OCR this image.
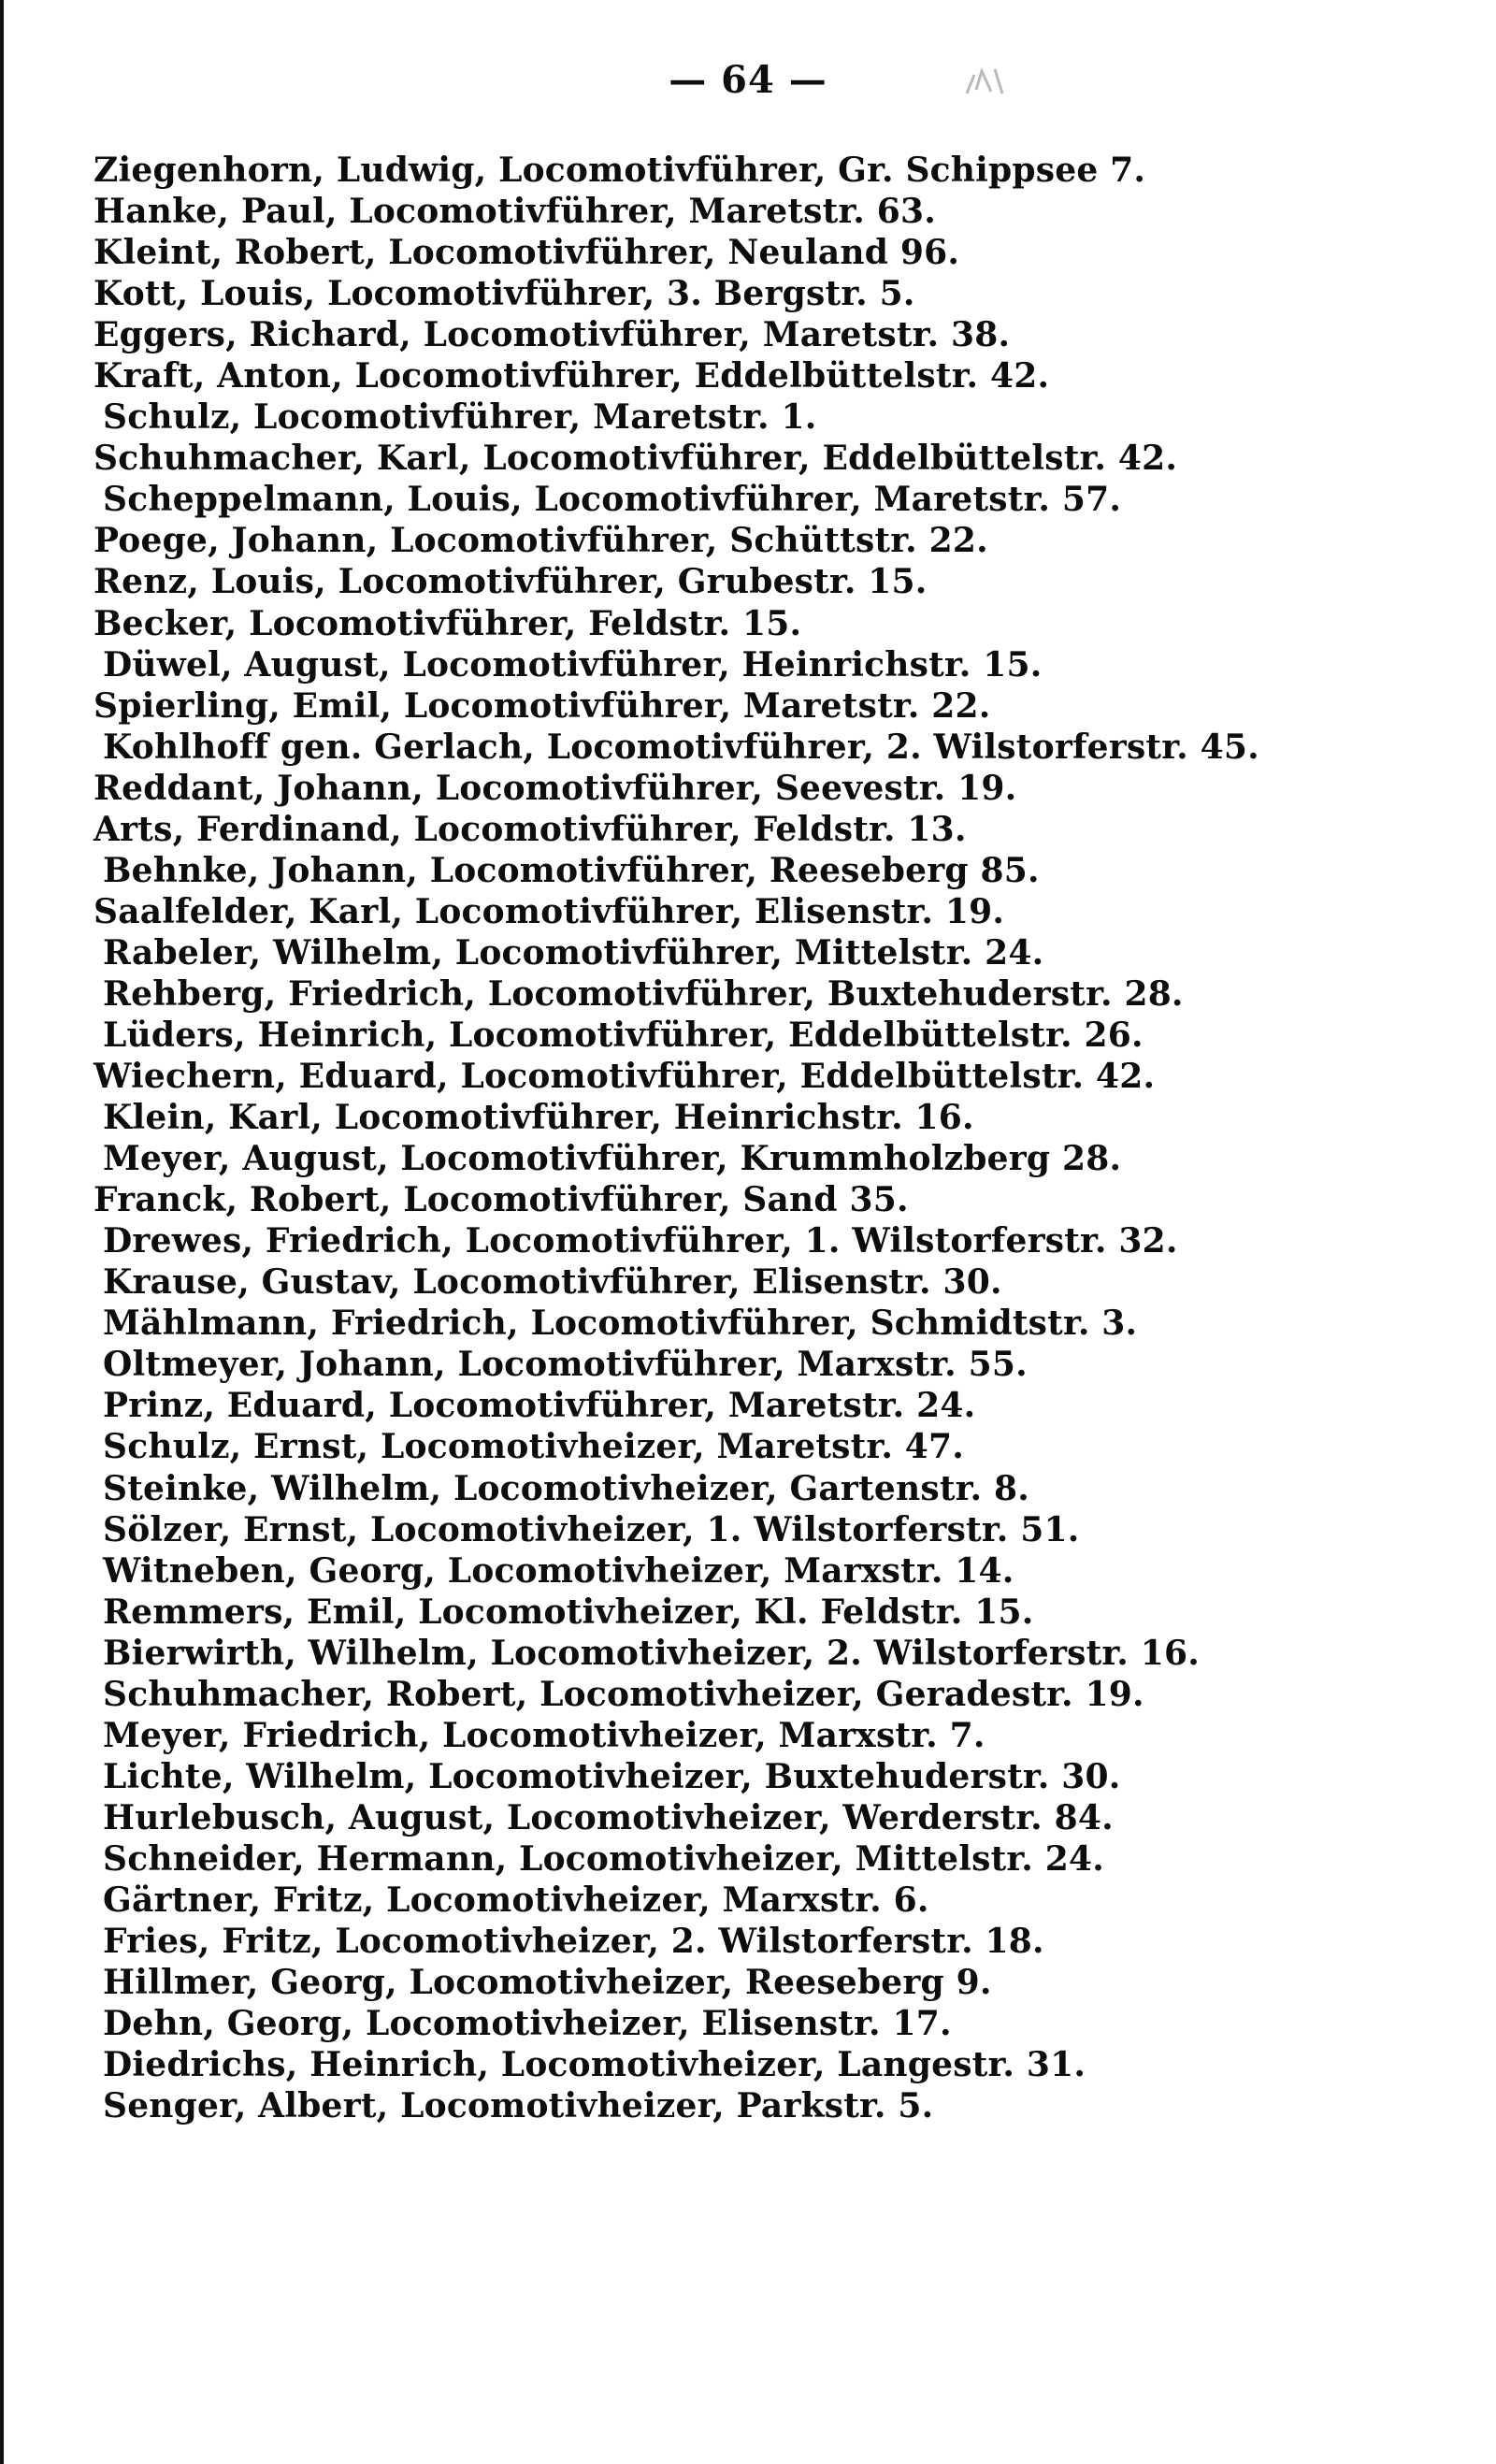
— 64 —
Ziegenhorn, Ludwig, Locomotivführer, Gr. Schippsee 7.
Hanke, Paul, Locomotivführer, Maretstr. 63.
Kleint, Robert, Locomotivführer, Neuland 96.
Kott, Louis, Locomotivführer, 3. Bergstr. 5.
Eggers, Richard, Locomotivführer, Maretstr. 38.
Kraft, Anton, Locomotivführer, Eddelbüttelstr. 42.
Schulz, Locomotivführer, Maretstr. 1.
Schuhmacher, Karl, Locomotivführer, Eddelbüttelstr. 42.
Scheppelmann, Louis, Locomotivführer, Maretstr. 57.
Poege, Johann, Locomotivführer, Schüttstr. 22.
Renz, Louis, Locomotivführer, Grubestr. 15.
Becker, Locomotivführer, Feldstr. 15.
Düwel, August, Locomotivführer, Heinrichstr. 15.
Spierling, Emil, Locomotivführer, Maretstr. 22.
Kohlhoff gen. Gerlach, Locomotivführer, 2. Wilstorferstr. 45.
Reddant, Johann, Locomotivführer, Seevestr. 19.
Arts, Ferdinand, Locomotivführer, Feldstr. 13.
Behnke, Johann, Locomotivführer, Reeseberg 85.
Saalfelder, Karl, Locomotivführer, Elisenstr. 19.
Rabeler, Wilhelm, Locomotivführer, Mittelstr. 24.
Rehberg, Friedrich, Locomotivführer, Buxtehuderstr. 28.
Lüders, Heinrich, Locomotivführer, Eddelbüttelstr. 26.
Wiechern, Eduard, Locomotivführer, Eddelbüttelstr. 42.
Klein, Karl, Locomotivführer, Heinrichstr. 16.
Meyer, August, Locomotivführer, Krummholzberg 28.
Franck, Robert, Locomotivführer, Sand 35.
Drewes, Friedrich, Locomotivführer, 1. Wilstorferstr. 32.
Krause, Gustav, Locomotivführer, Elisenstr. 30.
Mählmann, Friedrich, Locomotivführer, Schmidtstr. 3.
Oltmeyer, Johann, Locomotivführer, Marxstr. 55.
Prinz, Eduard, Locomotivführer, Maretstr. 24.
Schulz, Ernst, Locomotivheizer, Maretstr. 47.
Steinke, Wilhelm, Locomotivheizer, Gartenstr. 8.
Sölzer, Ernst, Locomotivheizer, 1. Wilstorferstr. 51.
Witneben, Georg, Locomotivheizer, Marxstr. 14.
Remmers, Emil, Locomotivheizer, Kl. Feldstr. 15.
Bierwirth, Wilhelm, Locomotivheizer, 2. Wilstorferstr. 16.
Schuhmacher, Robert, Locomotivheizer, Geradestr. 19.
Meyer, Friedrich, Locomotivheizer, Marxstr. 7.
Lichte, Wilhelm, Locomotivheizer, Buxtehuderstr. 30.
Hurlebusch, August, Locomotivheizer, Werderstr. 84.
Schneider, Hermann, Locomotivheizer, Mittelstr. 24.
Gärtner, Fritz, Locomotivheizer, Marxstr. 6.
Fries, Fritz, Locomotivheizer, 2. Wilstorferstr. 18.
Hillmer, Georg, Locomotivheizer, Reeseberg 9.
Dehn, Georg, Locomotivheizer, Elisenstr. 17.
Diedrichs, Heinrich, Locomotivheizer, Langestr. 31.
Senger, Albert, Locomotivheizer, Parkstr. 5.
